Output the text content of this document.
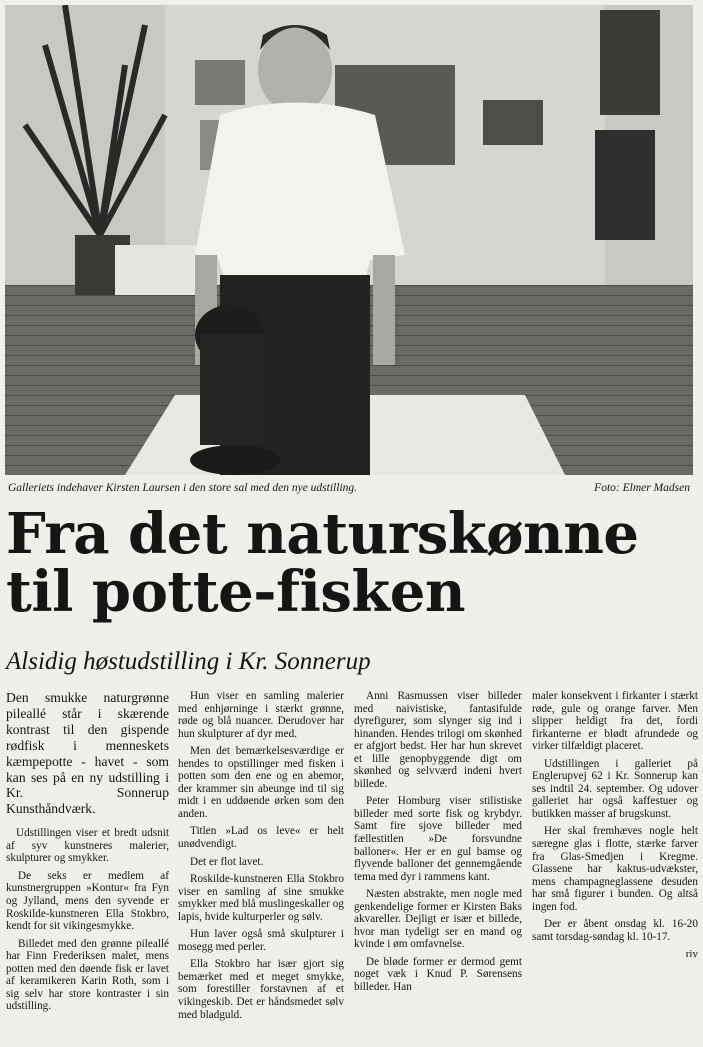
Galleriets indehaver Kirsten Laursen i den store sal med den nye udstilling.	Foto: Elmer Madsen
Fra det naturskønne
til potte-fisken
Alsidig høstudstilling i Kr. Sonnerup

Den smukke naturgrønne pileallé står i skærende kontrast til den gispende rødfisk i menneskets kæmpepotte - havet - som kan ses på en ny udstilling i Kr. Sonnerup Kunsthåndværk.

Udstillingen viser et bredt udsnit af syv kunstneres malerier, skulpturer og smykker.

De seks er medlem af kunstnergruppen »Kontur« fra Fyn og Jylland, mens den syvende er Roskilde-kunstneren Ella Stokbro, kendt for sit vikingesmykke.

Billedet med den grønne pileallé har Finn Frederiksen malet, mens potten med den døende fisk er lavet af keramikeren Karin Roth, som i sig selv har store kontraster i sin udstilling.

Hun viser en samling malerier med enhjørninge i stærkt grønne, røde og blå nuancer. Derudover har hun skulpturer af dyr med.

Men det bemærkelsesværdige er hendes to opstillinger med fisken i potten som den ene og en abemor, der krammer sin abeunge ind til sig midt i en uddøende ørken som den anden.

Titlen »Lad os leve« er helt unødvendigt.

Det er flot lavet.

Roskilde-kunstneren Ella Stokbro viser en samling af sine smukke smykker med blå muslingeskaller og lapis, hvide kulturperler og sølv.

Hun laver også små skulpturer i mosegg med perler.

Ella Stokbro har især gjort sig bemærket med et meget smykke, som forestiller forstavnen af et vikingeskib. Det er håndsmedet sølv med bladguld.

Anni Rasmussen viser billeder med naivistiske, fantasifulde dyrefigurer, som slynger sig ind i hinanden. Hendes trilogi om skønhed er afgjort bedst. Her har hun skrevet et lille genopbyggende digt om skønhed og selvværd indeni hvert billede.

Peter Homburg viser stilistiske billeder med sorte fisk og krybdyr. Samt fire sjove billeder med fællestitlen »De forsvundne balloner«. Her er en gul bamse og flyvende balloner det gennemgående tema med dyr i rammens kant.

Næsten abstrakte, men nogle med genkendelige former er Kirsten Baks akvareller. Dejligt er især et billede, hvor man tydeligt ser en mand og kvinde i øm omfavnelse.

De bløde former er dermod gemt noget væk i Knud P. Sørensens billeder. Han

maler konsekvent i firkanter i stærkt røde, gule og orange farver. Men slipper heldigt fra det, fordi firkanterne er blødt afrundede og virker tilfældigt placeret.

Udstillingen i galleriet på Englerupvej 62 i Kr. Sonnerup kan ses indtil 24. september. Og udover galleriet har også kaffestuer og butikken masser af brugskunst.

Her skal fremhæves nogle helt særegne glas i flotte, stærke farver fra Glas-Smedjen i Kregme. Glassene har kaktus-udvækster, mens champagneglassene desuden har små figurer i bunden. Og altså ingen fod.

Der er åbent onsdag kl. 16-20 samt torsdag-søndag kl. 10-17.

riv
